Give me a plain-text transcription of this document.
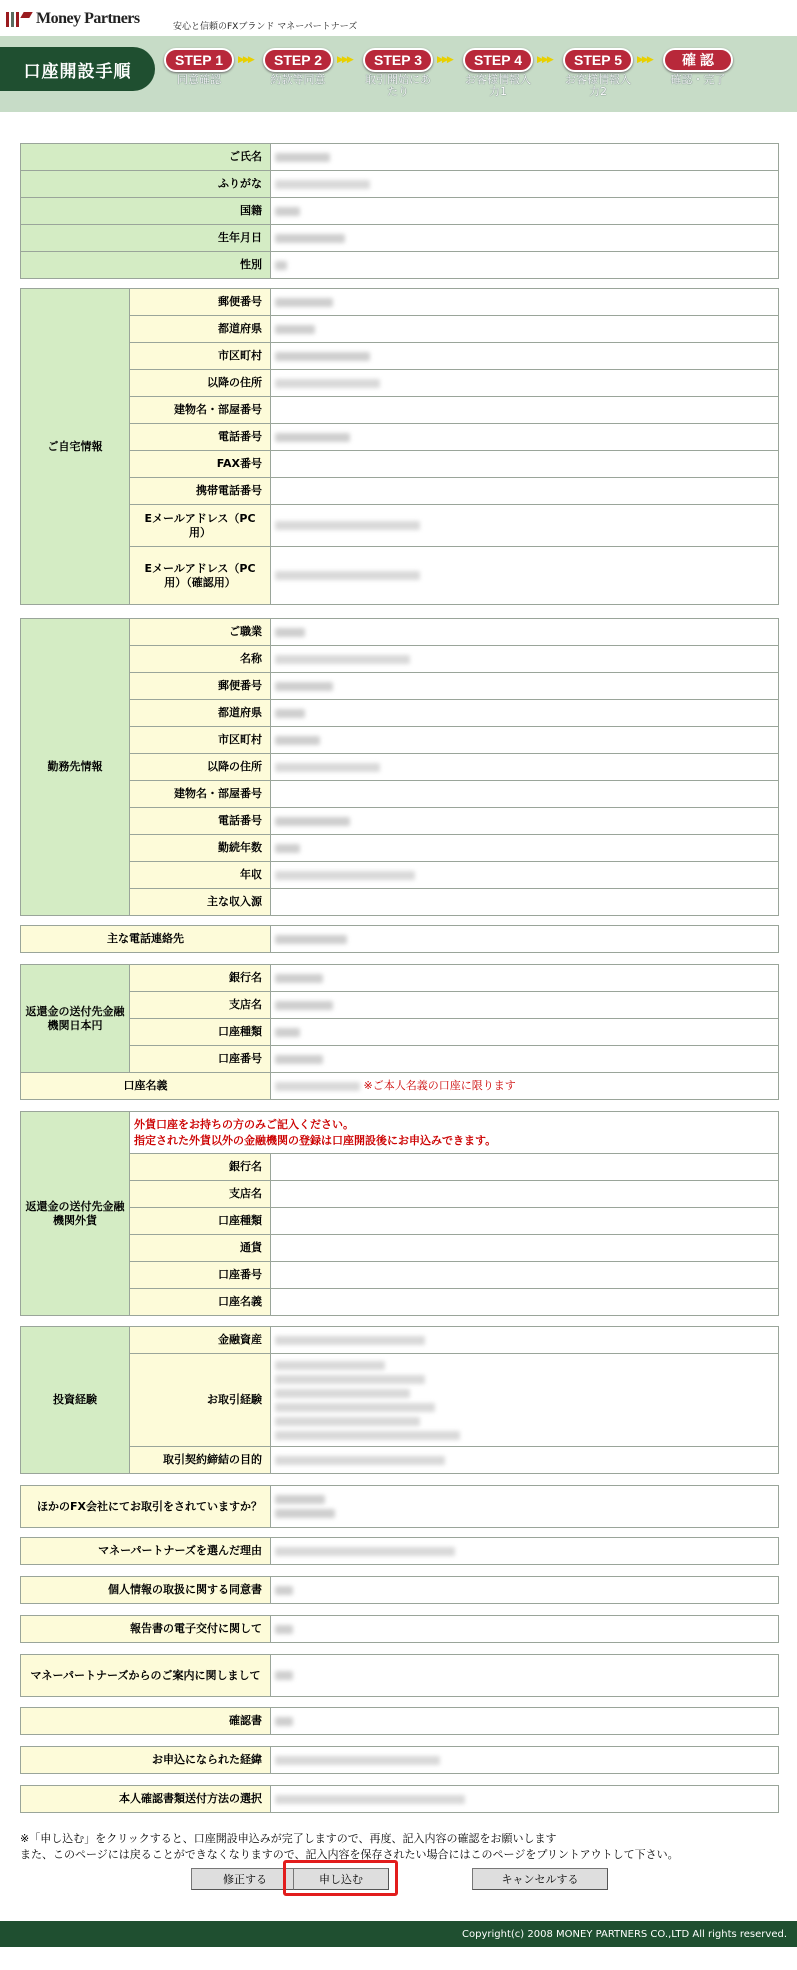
Money Partners	安心と信頼のFXブランド マネーパートナーズ
口座開設手順
STEP 1
同意確認
▶▶▶	STEP 2
約款等同意
▶▶▶	STEP 3
取引開始にあたり
▶▶▶	STEP 4
お客様情報入力1
▶▶▶	STEP 5
お客様情報入力2
▶▶▶	確 認
確認・完了
ご氏名	
ふりがな	
国籍	
生年月日	
性別	
ご自宅情報	郵便番号	
	都道府県	
	市区町村	
	以降の住所	
	建物名・部屋番号	
	電話番号	
	FAX番号	
	携帯電話番号	
	Eメールアドレス（PC用）	
	Eメールアドレス（PC用）（確認用）	
勤務先情報	ご職業	
	名称	
	郵便番号	
	都道府県	
	市区町村	
	以降の住所	
	建物名・部屋番号	
	電話番号	
	勤続年数	
	年収	
	主な収入源	
主な電話連絡先	
返還金の送付先金融機関日本円	銀行名	
	支店名	
	口座種類	
	口座番号	
口座名義		※ご本人名義の口座に限ります
返還金の送付先金融機関外貨	外貨口座をお持ちの方のみご記入ください。
指定された外貨以外の金融機関の登録は口座開設後にお申込みできます。	

	銀行名	
	支店名	
	口座種類	
	通貨	
	口座番号	
	口座名義	
投資経験	金融資産	
	お取引経験	

	取引契約締結の目的	
ほかのFX会社にてお取引をされていますか？	

マネーパートナーズを選んだ理由	
個人情報の取扱に関する同意書	
報告書の電子交付に関して	
マネーパートナーズからのご案内に関しまして	
確認書	
お申込になられた経緯	
本人確認書類送付方法の選択	
※「申し込む」をクリックすると、口座開設申込みが完了しますので、再度、記入内容の確認をお願いします
また、このページには戻ることができなくなりますので、記入内容を保存されたい場合にはこのページをプリントアウトして下さい。
修正する	申し込む	キャンセルする
Copyright(c) 2008 MONEY PARTNERS CO.,LTD All rights reserved.
